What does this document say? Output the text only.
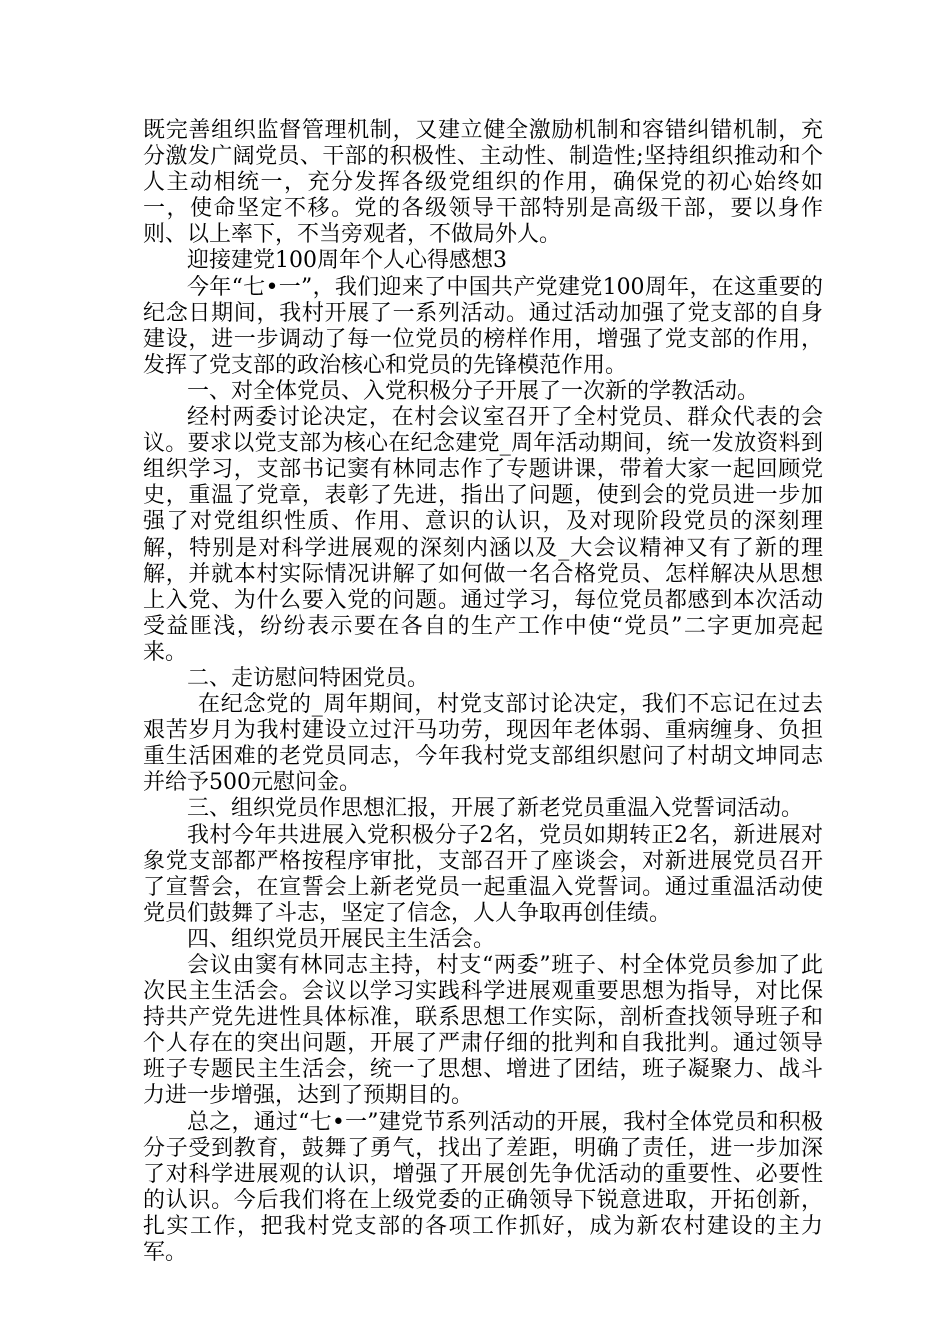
既完善组织监督管理机制，又建立健全激励机制和容错纠错机制，充分激发广阔党员、干部的积极性、主动性、制造性;坚持组织推动和个人主动相统一，充分发挥各级党组织的作用，确保党的初心始终如一，使命坚定不移。党的各级领导干部特别是高级干部，要以身作则、以上率下，不当旁观者，不做局外人。

迎接建党100周年个人心得感想3

今年“七•一”，我们迎来了中国共产党建党100周年，在这重要的纪念日期间，我村开展了一系列活动。通过活动加强了党支部的自身建设，进一步调动了每一位党员的榜样作用，增强了党支部的作用，发挥了党支部的政治核心和党员的先锋模范作用。

一、对全体党员、入党积极分子开展了一次新的学教活动。

经村两委讨论决定，在村会议室召开了全村党员、群众代表的会议。要求以党支部为核心在纪念建党_周年活动期间，统一发放资料到组织学习，支部书记窦有林同志作了专题讲课，带着大家一起回顾党史，重温了党章，表彰了先进，指出了问题，使到会的党员进一步加强了对党组织性质、作用、意识的认识，及对现阶段党员的深刻理解，特别是对科学进展观的深刻内涵以及_大会议精神又有了新的理解，并就本村实际情况讲解了如何做一名合格党员、怎样解决从思想上入党、为什么要入党的问题。通过学习，每位党员都感到本次活动受益匪浅，纷纷表示要在各自的生产工作中使“党员”二字更加亮起来。

二、走访慰问特困党员。

在纪念党的_周年期间，村党支部讨论决定，我们不忘记在过去艰苦岁月为我村建设立过汗马功劳，现因年老体弱、重病缠身、负担重生活困难的老党员同志，今年我村党支部组织慰问了村胡文坤同志并给予500元慰问金。

三、组织党员作思想汇报，开展了新老党员重温入党誓词活动。

我村今年共进展入党积极分子2名，党员如期转正2名，新进展对象党支部都严格按程序审批，支部召开了座谈会，对新进展党员召开了宣誓会，在宣誓会上新老党员一起重温入党誓词。通过重温活动使党员们鼓舞了斗志，坚定了信念，人人争取再创佳绩。

四、组织党员开展民主生活会。

会议由窦有林同志主持，村支“两委”班子、村全体党员参加了此次民主生活会。会议以学习实践科学进展观重要思想为指导，对比保持共产党先进性具体标准，联系思想工作实际，剖析查找领导班子和个人存在的突出问题，开展了严肃仔细的批判和自我批判。通过领导班子专题民主生活会，统一了思想、增进了团结，班子凝聚力、战斗力进一步增强，达到了预期目的。

总之，通过“七•一”建党节系列活动的开展，我村全体党员和积极分子受到教育，鼓舞了勇气，找出了差距，明确了责任，进一步加深了对科学进展观的认识，增强了开展创先争优活动的重要性、必要性的认识。今后我们将在上级党委的正确领导下锐意进取，开拓创新，扎实工作，把我村党支部的各项工作抓好，成为新农村建设的主力军。
